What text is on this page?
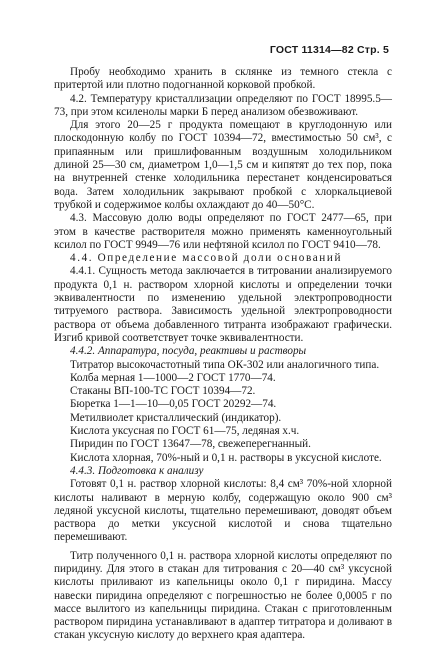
ГОСТ 11314—82 Стр. 5

Пробу необходимо хранить в склянке из темного стекла с притертой или плотно подогнанной корковой пробкой.

4.2. Температуру кристаллизации определяют по ГОСТ 18995.5—73, при этом ксиленолы марки Б перед анализом обезвоживают.

Для этого 20—25 г продукта помещают в круглодонную или плоскодонную колбу по ГОСТ 10394—72, вместимостью 50 см³, с припаянным или пришлифованным воздушным холодильником длиной 25—30 см, диаметром 1,0—1,5 см и кипятят до тех пор, пока на внутренней стенке холодильника перестанет конденсироваться вода. Затем холодильник закрывают пробкой с хлоркальциевой трубкой и содержимое колбы охлаждают до 40—50°С.

4.3. Массовую долю воды определяют по ГОСТ 2477—65, при этом в качестве растворителя можно применять каменноугольный ксилол по ГОСТ 9949—76 или нефтяной ксилол по ГОСТ 9410—78.

4.4. Определение массовой доли оснований

4.4.1. Сущность метода заключается в титровании анализируемого продукта 0,1 н. раствором хлорной кислоты и определении точки эквивалентности по изменению удельной электропроводности титруемого раствора. Зависимость удельной электропроводности раствора от объема добавленного титранта изображают графически. Изгиб кривой соответствует точке эквивалентности.

4.4.2. Аппаратура, посуда, реактивы и растворы

Титратор высокочастотный типа ОК-302 или аналогичного типа.

Колба мерная 1—1000—2 ГОСТ 1770—74.

Стаканы ВП-100-ТС ГОСТ 10394—72.

Бюретка 1—1—10—0,05 ГОСТ 20292—74.

Метилвиолет кристаллический (индикатор).

Кислота уксусная по ГОСТ 61—75, ледяная х.ч.

Пиридин по ГОСТ 13647—78, свежеперегнанный.

Кислота хлорная, 70%-ный и 0,1 н. растворы в уксусной кислоте.

4.4.3. Подготовка к анализу

Готовят 0,1 н. раствор хлорной кислоты: 8,4 см³ 70%-ной хлорной кислоты наливают в мерную колбу, содержащую около 900 см³ ледяной уксусной кислоты, тщательно перемешивают, доводят объем раствора до метки уксусной кислотой и снова тщательно перемешивают.

Титр полученного 0,1 н. раствора хлорной кислоты определяют по пиридину. Для этого в стакан для титрования с 20—40 см³ уксусной кислоты приливают из капельницы около 0,1 г пиридина. Массу навески пиридина определяют с погрешностью не более 0,0005 г по массе вылитого из капельницы пиридина. Стакан с приготовленным раствором пиридина устанавливают в адаптер титратора и доливают в стакан уксусную кислоту до верхнего края адаптера.
